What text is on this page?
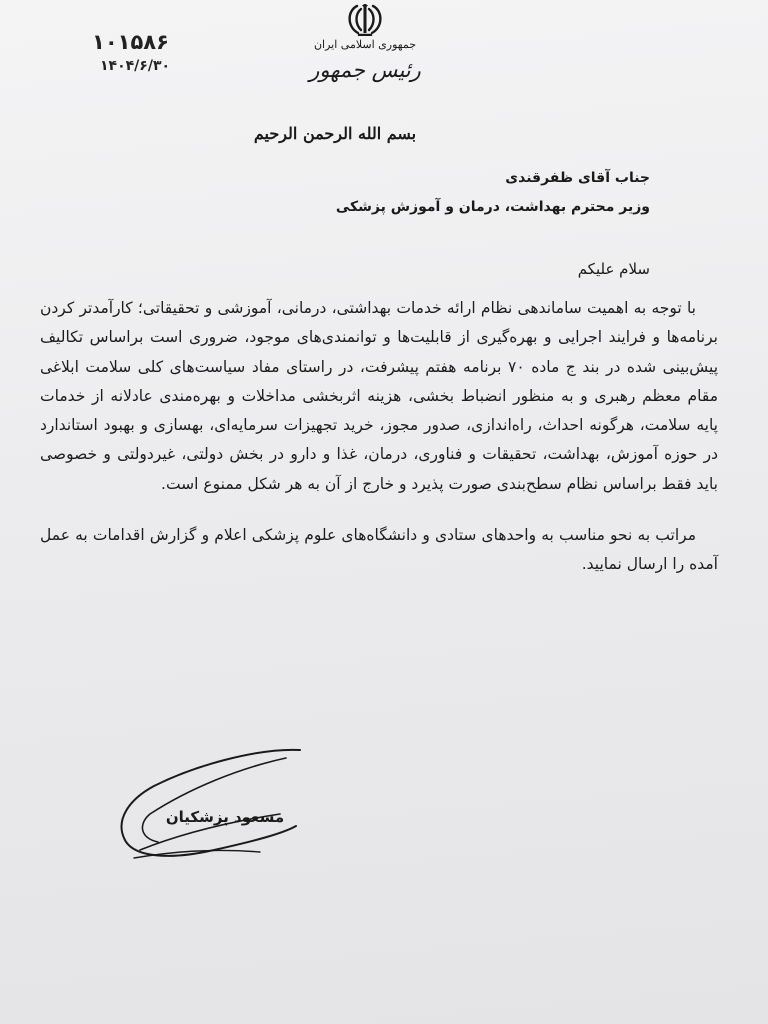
۱۰۱۵۸۶
۱۴۰۴/۶/۳۰
جمهوری اسلامی ایران
رئیس جمهور
بسم الله الرحمن الرحیم
جناب آقای ظفرقندی
وزیر محترم بهداشت، درمان و آموزش پزشکی
سلام علیکم

با توجه به اهمیت ساماندهی نظام ارائه خدمات بهداشتی، درمانی، آموزشی و تحقیقاتی؛ کارآمدتر کردن برنامه‌ها و فرایند اجرایی و بهره‌گیری از قابلیت‌ها و توانمندی‌های موجود، ضروری است براساس تکالیف پیش‌بینی شده در بند ج ماده ۷۰ برنامه هفتم پیشرفت، در راستای مفاد سیاست‌های کلی سلامت ابلاغی مقام معظم رهبری و به منظور انضباط بخشی، هزینه اثربخشی مداخلات و بهره‌مندی عادلانه از خدمات پایه سلامت، هرگونه احداث، راه‌اندازی، صدور مجوز، خرید تجهیزات سرمایه‌ای، بهسازی و بهبود استاندارد در حوزه آموزش، بهداشت، تحقیقات و فناوری، درمان، غذا و دارو در بخش دولتی، غیردولتی و خصوصی باید فقط براساس نظام سطح‌بندی صورت پذیرد و خارج از آن به هر شکل ممنوع است.

مراتب به نحو مناسب به واحدهای ستادی و دانشگاه‌های علوم پزشکی اعلام و گزارش اقدامات به عمل آمده را ارسال نمایید.

مسعود پزشکیان
